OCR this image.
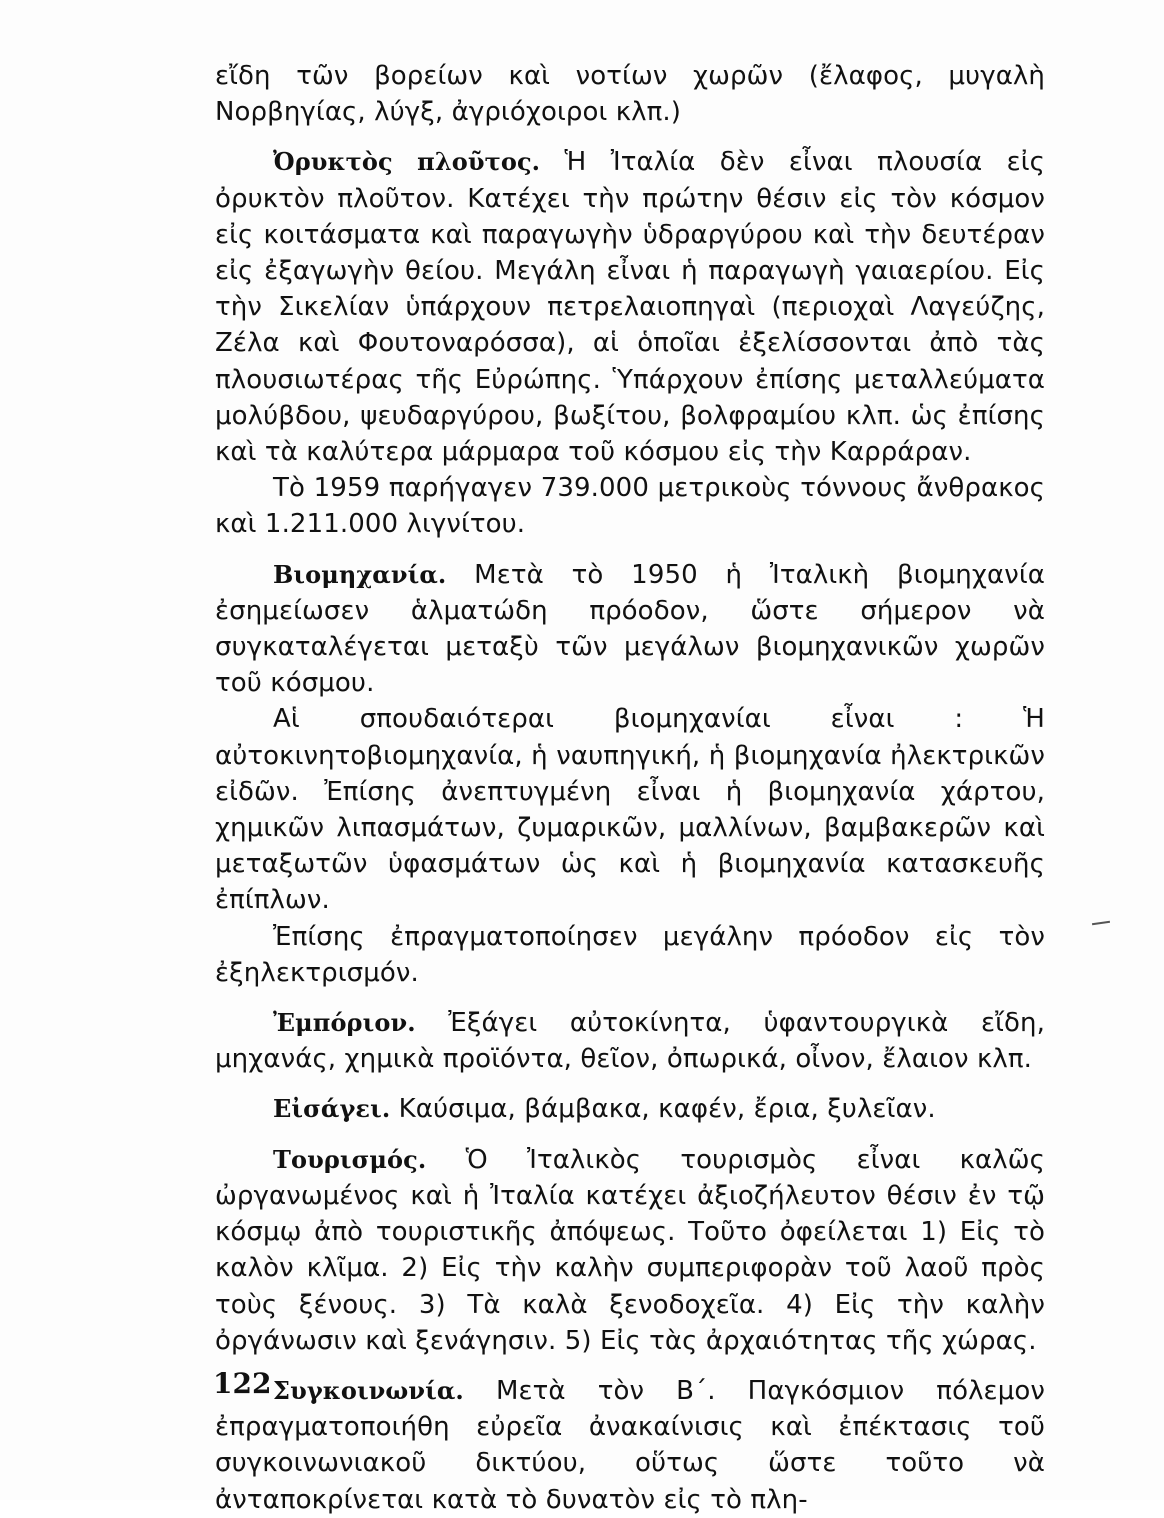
εἴδη τῶν βορείων καὶ νοτίων χωρῶν (ἔλαφος, μυγαλὴ Νορβηγίας, λύγξ, ἀγριόχοιροι κλπ.)

Ὀρυκτὸς πλοῦτος. Ἡ Ἰταλία δὲν εἶναι πλουσία εἰς ὀρυκτὸν πλοῦτον. Κατέχει τὴν πρώτην θέσιν εἰς τὸν κόσμον εἰς κοιτάσματα καὶ παραγωγὴν ὑδραργύρου καὶ τὴν δευτέραν εἰς ἐξαγωγὴν θείου. Μεγάλη εἶναι ἡ παραγωγὴ γαιαερίου. Εἰς τὴν Σικελίαν ὑπάρχουν πετρελαιοπηγαὶ (περιοχαὶ Λαγεύζης, Ζέλα καὶ Φουτοναρόσσα), αἱ ὁποῖαι ἐξελίσσονται ἀπὸ τὰς πλουσιωτέρας τῆς Εὐρώπης. Ὑπάρχουν ἐπίσης μεταλλεύματα μολύβδου, ψευδαργύρου, βωξίτου, βολφραμίου κλπ. ὡς ἐπίσης καὶ τὰ καλύτερα μάρμαρα τοῦ κόσμου εἰς τὴν Καρράραν.

Τὸ 1959 παρήγαγεν 739.000 μετρικοὺς τόννους ἄνθρακος καὶ 1.211.000 λιγνίτου.

Βιομηχανία. Μετὰ τὸ 1950 ἡ Ἰταλικὴ βιομηχανία ἐσημείωσεν ἁλματώδη πρόοδον, ὥστε σήμερον νὰ συγκαταλέγεται μεταξὺ τῶν μεγάλων βιομηχανικῶν χωρῶν τοῦ κόσμου.

Αἱ σπουδαιότεραι βιομηχανίαι εἶναι : Ἡ αὐτοκινητοβιομηχανία, ἡ ναυπηγική, ἡ βιομηχανία ἠλεκτρικῶν εἰδῶν. Ἐπίσης ἀνεπτυγμένη εἶναι ἡ βιομηχανία χάρτου, χημικῶν λιπασμάτων, ζυμαρικῶν, μαλλίνων, βαμβακερῶν καὶ μεταξωτῶν ὑφασμάτων ὡς καὶ ἡ βιομηχανία κατασκευῆς ἐπίπλων.

Ἐπίσης ἐπραγματοποίησεν μεγάλην πρόοδον εἰς τὸν ἐξηλεκτρισμόν.

Ἐμπόριον. Ἐξάγει αὐτοκίνητα, ὑφαντουργικὰ εἴδη, μηχανάς, χημικὰ προϊόντα, θεῖον, ὀπωρικά, οἶνον, ἔλαιον κλπ.

Εἰσάγει. Καύσιμα, βάμβακα, καφέν, ἔρια, ξυλεῖαν.

Τουρισμός. Ὁ Ἰταλικὸς τουρισμὸς εἶναι καλῶς ὠργανωμένος καὶ ἡ Ἰταλία κατέχει ἀξιοζήλευτον θέσιν ἐν τῷ κόσμῳ ἀπὸ τουριστικῆς ἀπόψεως. Τοῦτο ὀφείλεται 1) Εἰς τὸ καλὸν κλῖμα. 2) Εἰς τὴν καλὴν συμπεριφορὰν τοῦ λαοῦ πρὸς τοὺς ξένους. 3) Τὰ καλὰ ξενοδοχεῖα. 4) Εἰς τὴν καλὴν ὀργάνωσιν καὶ ξενάγησιν. 5) Εἰς τὰς ἀρχαιότητας τῆς χώρας.

Συγκοινωνία. Μετὰ τὸν Β΄. Παγκόσμιον πόλεμον ἐπραγματοποιήθη εὐρεῖα ἀνακαίνισις καὶ ἐπέκτασις τοῦ συγκοινωνιακοῦ δικτύου, οὕτως ὥστε τοῦτο νὰ ἀνταποκρίνεται κατὰ τὸ δυνατὸν εἰς τὸ πλη-

122
